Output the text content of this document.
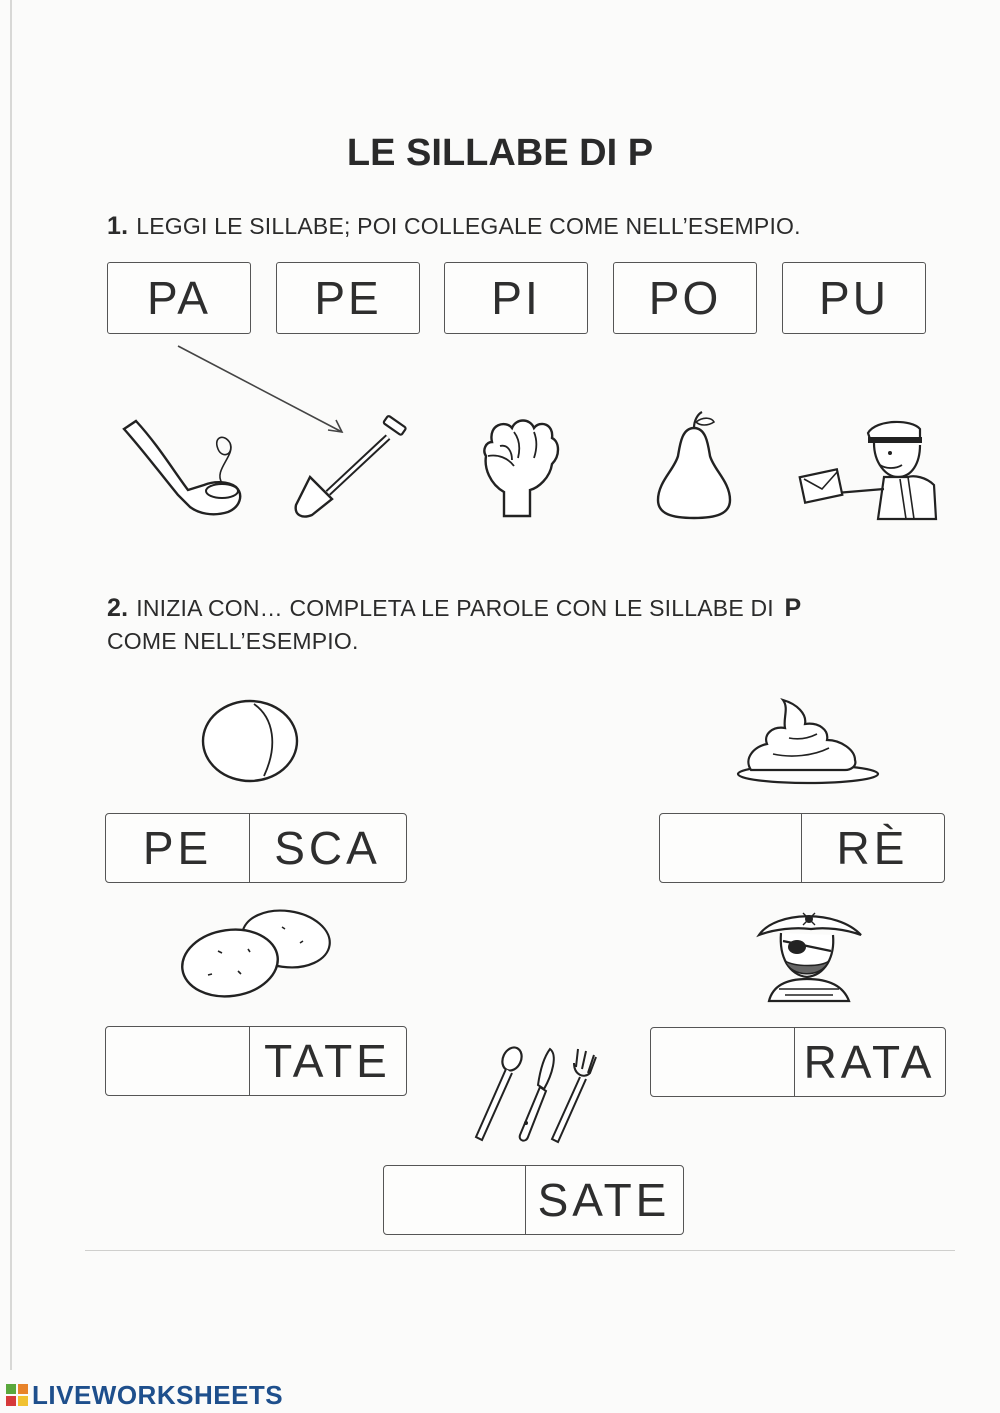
LE SILLABE DI P
1. LEGGI LE SILLABE; POI COLLEGALE COME NELL’ESEMPIO.
PA	PE	PI	PO	PU
2. INIZIA CON… COMPLETA LE PAROLE CON LE SILLABE DI P
COME NELL’ESEMPIO.
PE	SCA	RÈ
TATE	RATA
SATE
LIVEWORKSHEETS
